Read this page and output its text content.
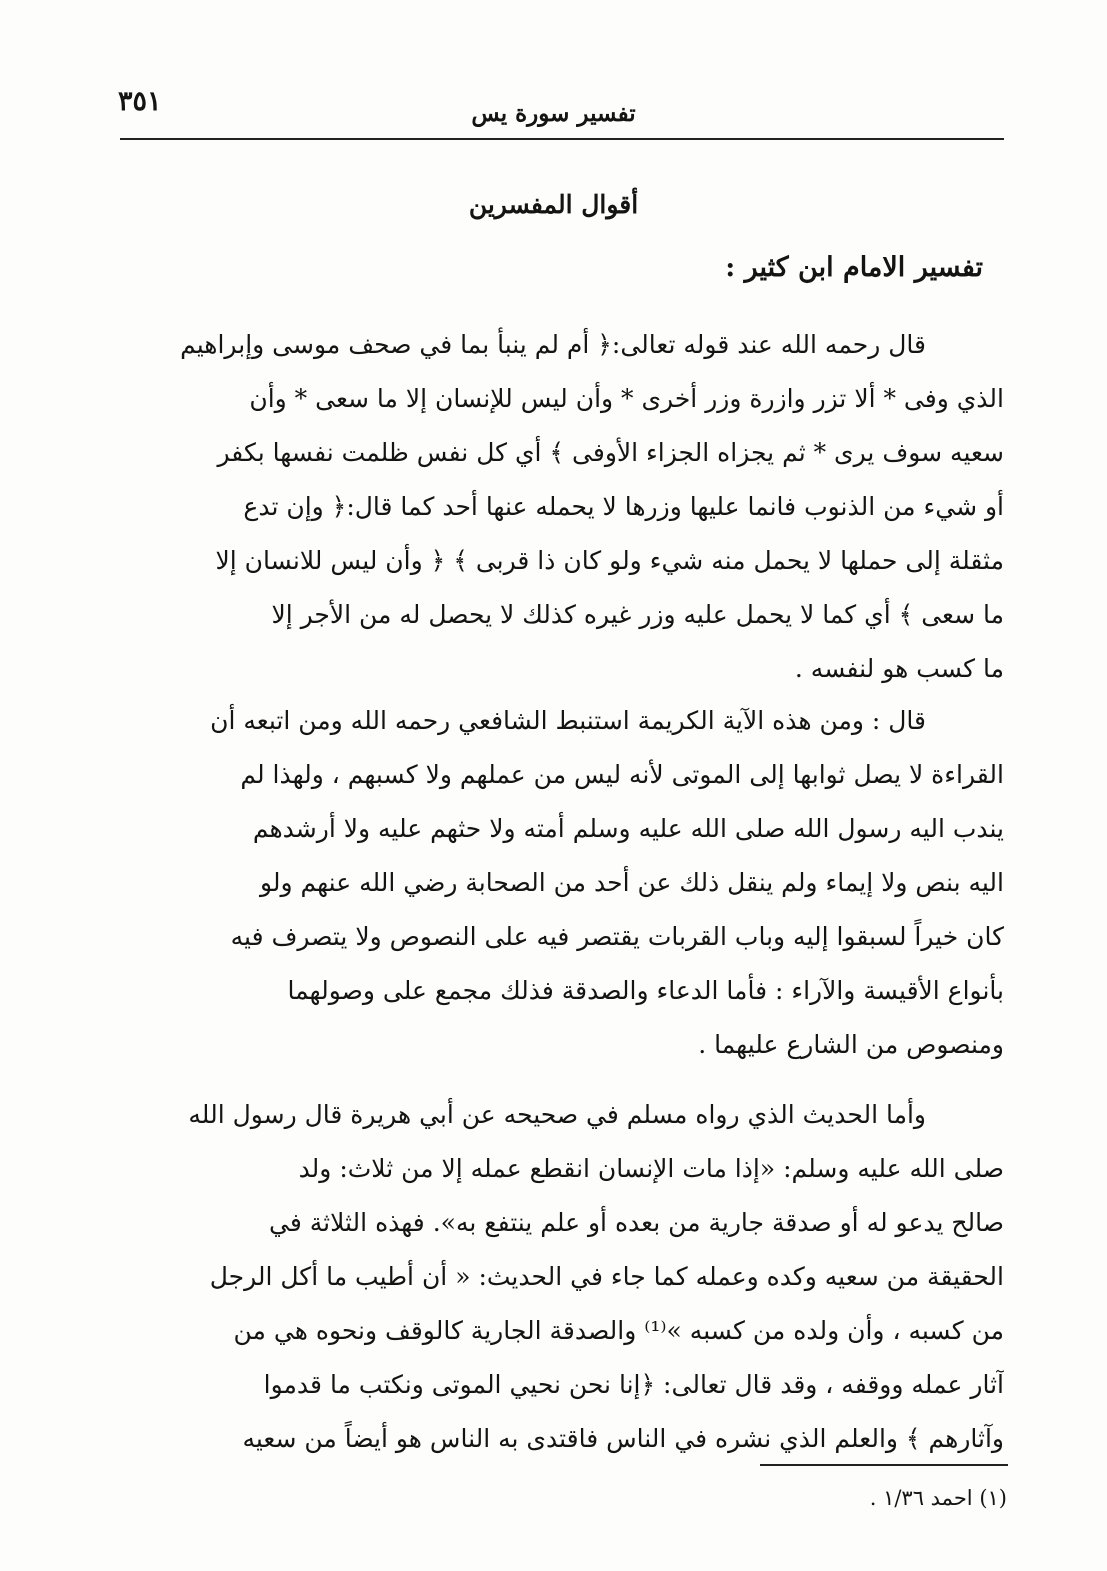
٣٥١	تفسير سورة يس
أقوال المفسرين
تفسير الامام ابن كثير :
قال رحمه الله عند قوله تعالى:﴿ أم لم ينبأ بما في صحف موسى وإبراهيم
الذي وفى * ألا تزر وازرة وزر أخرى * وأن ليس للإنسان إلا ما سعى * وأن
سعيه سوف يرى * ثم يجزاه الجزاء الأوفى ﴾ أي كل نفس ظلمت نفسها بكفر
أو شيء من الذنوب فانما عليها وزرها لا يحمله عنها أحد كما قال:﴿ وإن تدع
مثقلة إلى حملها لا يحمل منه شيء ولو كان ذا قربى ﴾ ﴿ وأن ليس للانسان إلا
ما سعى ﴾ أي كما لا يحمل عليه وزر غيره كذلك لا يحصل له من الأجر إلا
ما كسب هو لنفسه .
قال : ومن هذه الآية الكريمة استنبط الشافعي رحمه الله ومن اتبعه أن
القراءة لا يصل ثوابها إلى الموتى لأنه ليس من عملهم ولا كسبهم ، ولهذا لم
يندب اليه رسول الله صلى الله عليه وسلم أمته ولا حثهم عليه ولا أرشدهم
اليه بنص ولا إيماء ولم ينقل ذلك عن أحد من الصحابة رضي الله عنهم ولو
كان خيراً لسبقوا إليه وباب القربات يقتصر فيه على النصوص ولا يتصرف فيه
بأنواع الأقيسة والآراء : فأما الدعاء والصدقة فذلك مجمع على وصولهما
ومنصوص من الشارع عليهما .
وأما الحديث الذي رواه مسلم في صحيحه عن أبي هريرة قال رسول الله
صلى الله عليه وسلم: «إذا مات الإنسان انقطع عمله إلا من ثلاث: ولد
صالح يدعو له أو صدقة جارية من بعده أو علم ينتفع به». فهذه الثلاثة في
الحقيقة من سعيه وكده وعمله كما جاء في الحديث: « أن أطيب ما أكل الرجل
من كسبه ، وأن ولده من كسبه »⁽¹⁾ والصدقة الجارية كالوقف ونحوه هي من
آثار عمله ووقفه ، وقد قال تعالى: ﴿إنا نحن نحيي الموتى ونكتب ما قدموا
وآثارهم ﴾ والعلم الذي نشره في الناس فاقتدى به الناس هو أيضاً من سعيه
(١) احمد ١/٣٦ .
